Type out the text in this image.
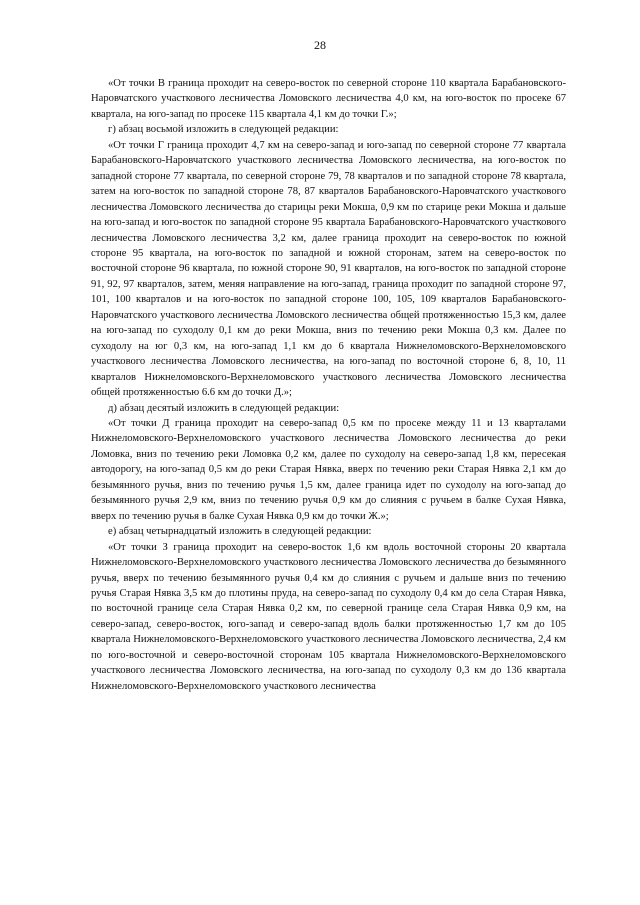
28

«От точки В граница проходит на северо-восток по северной стороне 110 квартала Барабановского-Наровчатского участкового лесничества Ломовского лесничества 4,0 км, на юго-восток по просеке 67 квартала, на юго-запад по просеке 115 квартала 4,1 км до точки Г.»;

г) абзац восьмой изложить в следующей редакции:

«От точки Г граница проходит 4,7 км на северо-запад и юго-запад по северной стороне 77 квартала Барабановского-Наровчатского участкового лесничества Ломовского лесничества, на юго-восток по западной стороне 77 квартала, по северной стороне 79, 78 кварталов и по западной стороне 78 квартала, затем на юго-восток по западной стороне 78, 87 кварталов Барабановского-Наровчатского участкового лесничества Ломовского лесничества до старицы реки Мокша, 0,9 км по старице реки Мокша и дальше на юго-запад и юго-восток по западной стороне 95 квартала Барабановского-Наровчатского участкового лесничества Ломовского лесничества 3,2 км, далее граница проходит на северо-восток по южной стороне 95 квартала, на юго-восток по западной и южной сторонам, затем на северо-восток по восточной стороне 96 квартала, по южной стороне 90, 91 кварталов, на юго-восток по западной стороне 91, 92, 97 кварталов, затем, меняя направление на юго-запад, граница проходит по западной стороне 97, 101, 100 кварталов и на юго-восток по западной стороне 100, 105, 109 кварталов Барабановского-Наровчатского участкового лесничества Ломовского лесничества общей протяженностью 15,3 км, далее на юго-запад по суходолу 0,1 км до реки Мокша, вниз по течению реки Мокша 0,3 км. Далее по суходолу на юг 0,3 км, на юго-запад 1,1 км до 6 квартала Нижнеломовского-Верхнеломовского участкового лесничества Ломовского лесничества, на юго-запад по восточной стороне 6, 8, 10, 11 кварталов Нижнеломовского-Верхнеломовского участкового лесничества Ломовского лесничества общей протяженностью 6.6 км до точки Д.»;

д) абзац десятый изложить в следующей редакции:

«От точки Д граница проходит на северо-запад 0,5 км по просеке между 11 и 13 кварталами Нижнеломовского-Верхнеломовского участкового лесничества Ломовского лесничества до реки Ломовка, вниз по течению реки Ломовка 0,2 км, далее по суходолу на северо-запад 1,8 км, пересекая автодорогу, на юго-запад 0,5 км до реки Старая Нявка, вверх по течению реки Старая Нявка 2,1 км до безымянного ручья, вниз по течению ручья 1,5 км, далее граница идет по суходолу на юго-запад до безымянного ручья 2,9 км, вниз по течению ручья 0,9 км до слияния с ручьем в балке Сухая Нявка, вверх по течению ручья в балке Сухая Нявка 0,9 км до точки Ж.»;

е) абзац четырнадцатый изложить в следующей редакции:

«От точки З граница проходит на северо-восток 1,6 км вдоль восточной стороны 20 квартала Нижнеломовского-Верхнеломовского участкового лесничества Ломовского лесничества до безымянного ручья, вверх по течению безымянного ручья 0,4 км до слияния с ручьем и дальше вниз по течению ручья Старая Нявка 3,5 км до плотины пруда, на северо-запад по суходолу 0,4 км до села Старая Нявка, по восточной границе села Старая Нявка 0,2 км, по северной границе села Старая Нявка 0,9 км, на северо-запад, северо-восток, юго-запад и северо-запад вдоль балки протяженностью 1,7 км до 105 квартала Нижнеломовского-Верхнеломовского участкового лесничества Ломовского лесничества, 2,4 км по юго-восточной и северо-восточной сторонам 105 квартала Нижнеломовского-Верхнеломовского участкового лесничества Ломовского лесничества, на юго-запад по суходолу 0,3 км до 136 квартала Нижнеломовского-Верхнеломовского участкового лесничества
